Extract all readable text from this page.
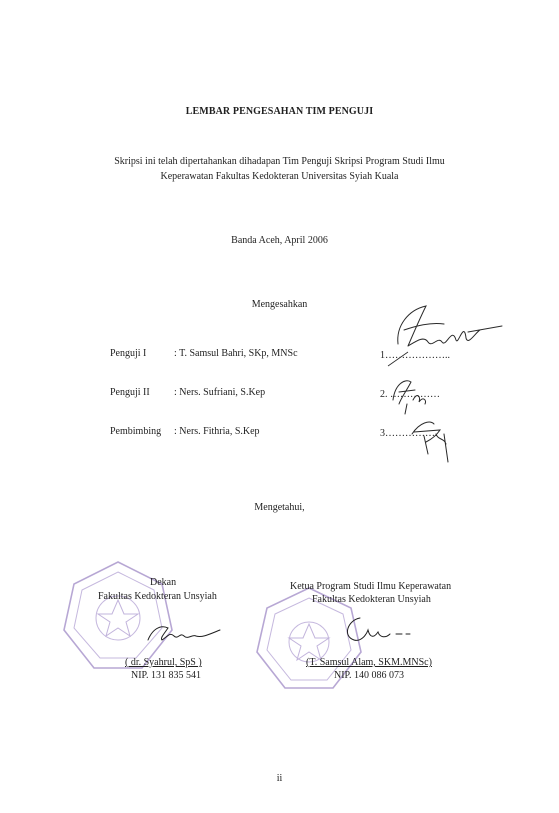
LEMBAR PENGESAHAN TIM PENGUJI
Skripsi ini telah dipertahankan dihadapan Tim Penguji Skripsi Program Studi Ilmu
Keperawatan Fakultas Kedokteran Universitas Syiah Kuala
Banda Aceh, April 2006
Mengesahkan
Penguji I	: T. Samsul Bahri, SKp, MNSc	1………………..
Penguji II : Ners. Sufriani, S.Kep	2. ……………
Pembimbing : Ners. Fithria, S.Kep	3…………….
Mengetahui,
Dekan
Fakultas Kedokteran Unsyiah
( dr. Syahrul, SpS )
NIP. 131 835 541
Ketua Program Studi Ilmu Keperawatan
Fakultas Kedokteran Unsyiah
(T. Samsul Alam, SKM.MNSc)
NIP. 140 086 073
ii
